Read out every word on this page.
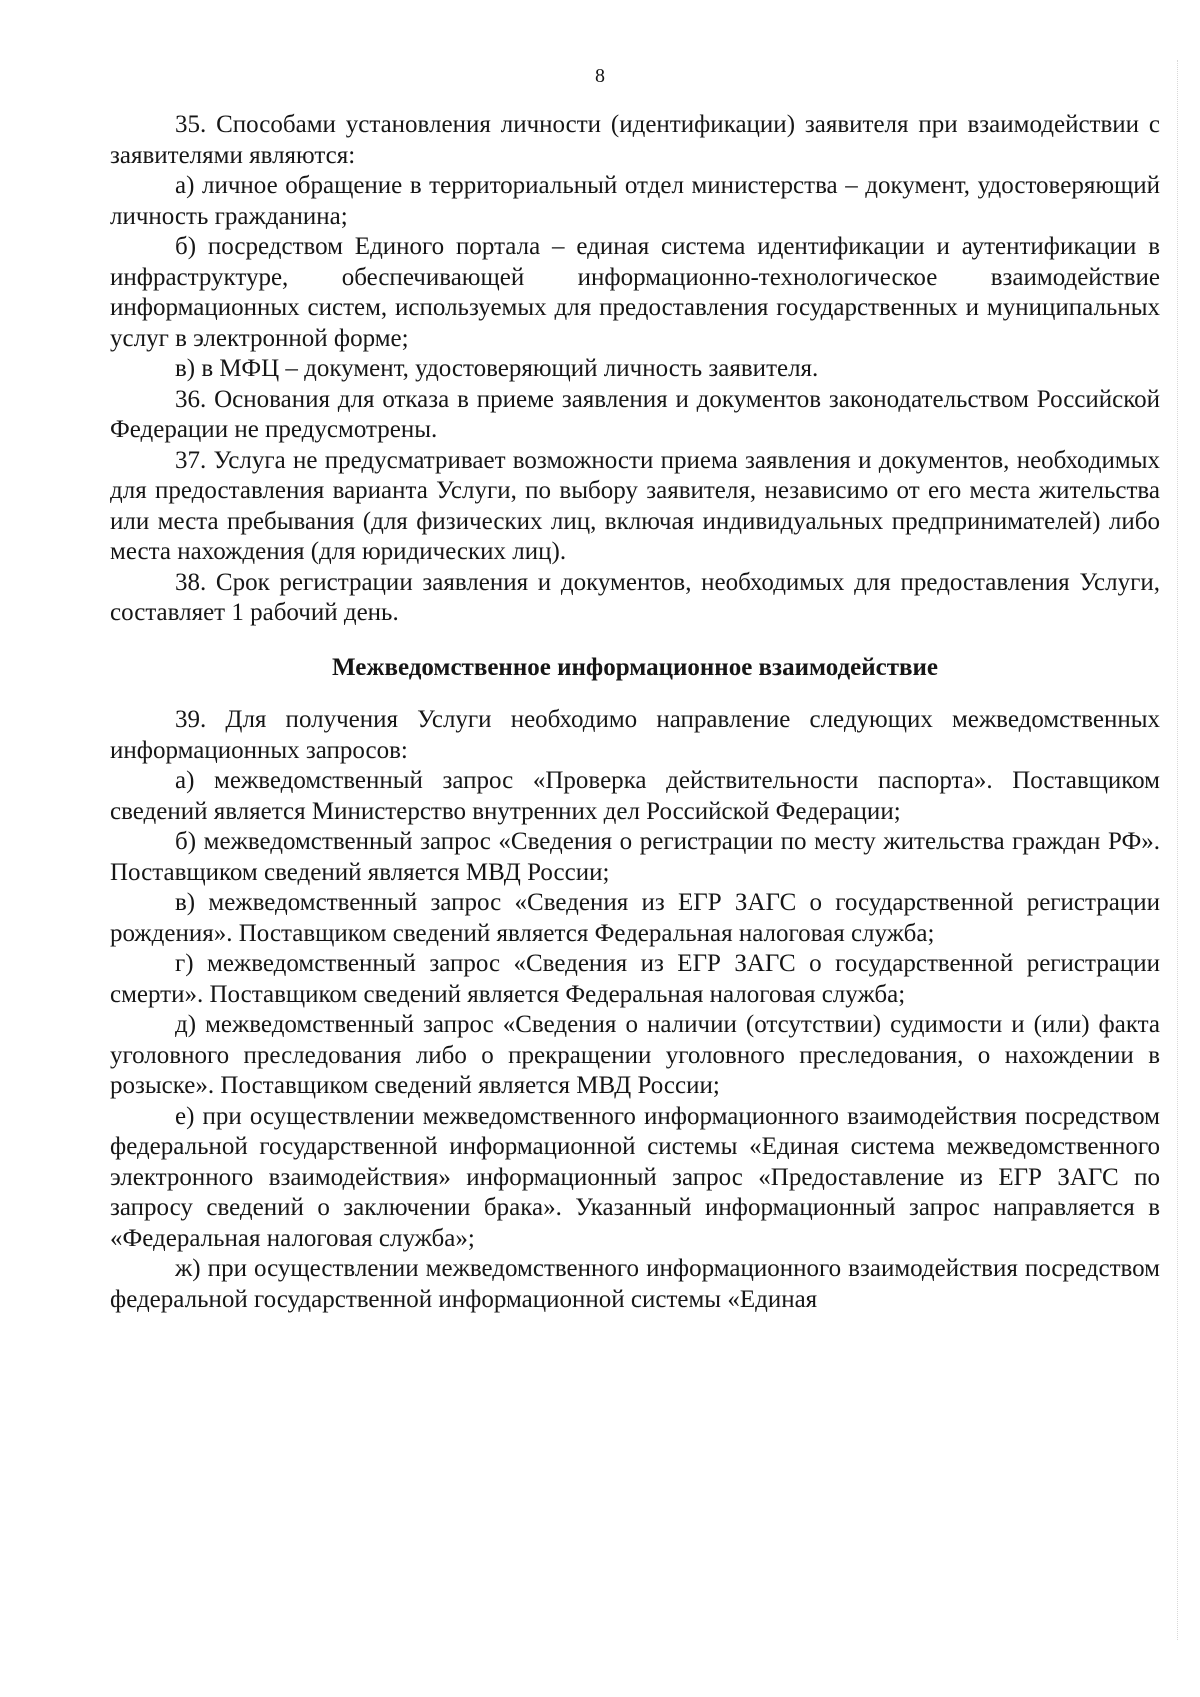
8

35. Способами установления личности (идентификации) заявителя при взаимодействии с заявителями являются:

а) личное обращение в территориальный отдел министерства – документ, удостоверяющий личность гражданина;

б) посредством Единого портала – единая система идентификации и аутентификации в инфраструктуре, обеспечивающей информационно-технологическое взаимодействие информационных систем, используемых для предоставления государственных и муниципальных услуг в электронной форме;

в) в МФЦ – документ, удостоверяющий личность заявителя.

36. Основания для отказа в приеме заявления и документов законодательством Российской Федерации не предусмотрены.

37. Услуга не предусматривает возможности приема заявления и документов, необходимых для предоставления варианта Услуги, по выбору заявителя, независимо от его места жительства или места пребывания (для физических лиц, включая индивидуальных предпринимателей) либо места нахождения (для юридических лиц).

38. Срок регистрации заявления и документов, необходимых для предоставления Услуги, составляет 1 рабочий день.

Межведомственное информационное взаимодействие

39. Для получения Услуги необходимо направление следующих межведомственных информационных запросов:

а) межведомственный запрос «Проверка действительности паспорта». Поставщиком сведений является Министерство внутренних дел Российской Федерации;

б) межведомственный запрос «Сведения о регистрации по месту жительства граждан РФ». Поставщиком сведений является МВД России;

в) межведомственный запрос «Сведения из ЕГР ЗАГС о государственной регистрации рождения». Поставщиком сведений является Федеральная налоговая служба;

г) межведомственный запрос «Сведения из ЕГР ЗАГС о государственной регистрации смерти». Поставщиком сведений является Федеральная налоговая служба;

д) межведомственный запрос «Сведения о наличии (отсутствии) судимости и (или) факта уголовного преследования либо о прекращении уголовного преследования, о нахождении в розыске». Поставщиком сведений является МВД России;

е) при осуществлении межведомственного информационного взаимодействия посредством федеральной государственной информационной системы «Единая система межведомственного электронного взаимодействия» информационный запрос «Предоставление из ЕГР ЗАГС по запросу сведений о заключении брака». Указанный информационный запрос направляется в «Федеральная налоговая служба»;

ж) при осуществлении межведомственного информационного взаимодействия посредством федеральной государственной информационной системы «Единая
